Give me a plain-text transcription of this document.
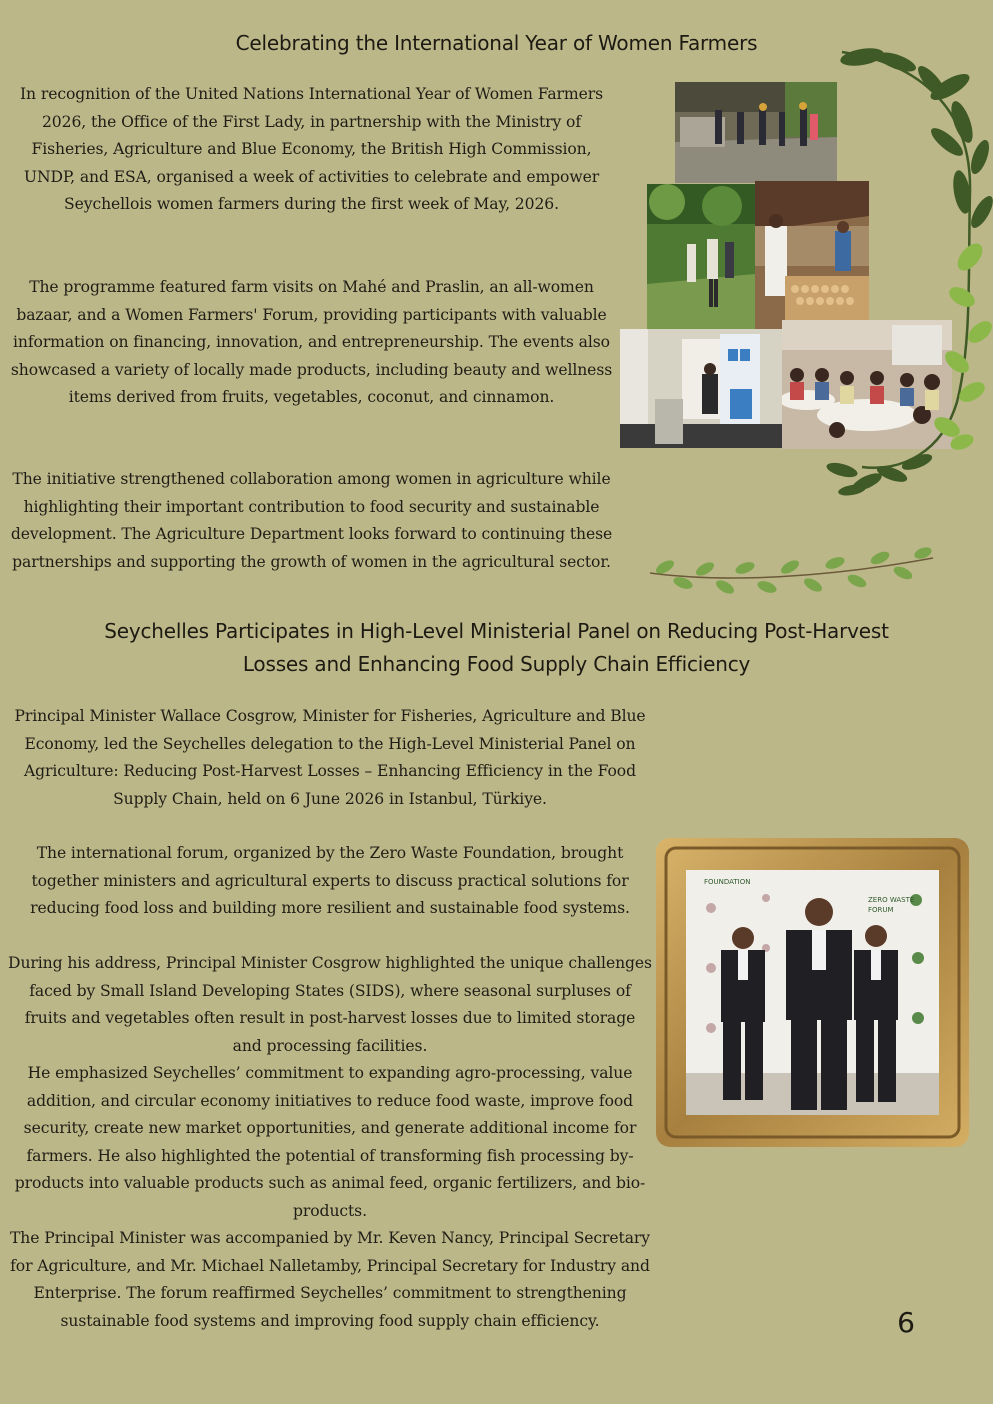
Celebrating the International Year of Women Farmers

In recognition of the United Nations International Year of Women Farmers 2026, the Office of the First Lady, in partnership with the Ministry of Fisheries, Agriculture and Blue Economy, the British High Commission, UNDP, and ESA, organised a week of activities to celebrate and empower Seychellois women farmers during the first week of May, 2026.

The programme featured farm visits on Mahé and Praslin, an all-women bazaar, and a Women Farmers' Forum, providing participants with valuable information on financing, innovation, and entrepreneurship. The events also showcased a variety of locally made products, including beauty and wellness items derived from fruits, vegetables, coconut, and cinnamon.

The initiative strengthened collaboration among women in agriculture while highlighting their important contribution to food security and sustainable development. The Agriculture Department looks forward to continuing these partnerships and supporting the growth of women in the agricultural sector.

Seychelles Participates in High-Level Ministerial Panel on Reducing Post-Harvest
Losses and Enhancing Food Supply Chain Efficiency

Principal Minister Wallace Cosgrow, Minister for Fisheries, Agriculture and Blue Economy, led the Seychelles delegation to the High-Level Ministerial Panel on Agriculture: Reducing Post-Harvest Losses – Enhancing Efficiency in the Food Supply Chain, held on 6 June 2026 in Istanbul, Türkiye.

The international forum, organized by the Zero Waste Foundation, brought together ministers and agricultural experts to discuss practical solutions for reducing food loss and building more resilient and sustainable food systems.

During his address, Principal Minister Cosgrow highlighted the unique challenges faced by Small Island Developing States (SIDS), where seasonal surpluses of fruits and vegetables often result in post-harvest losses due to limited storage and processing facilities.

He emphasized Seychelles’ commitment to expanding agro-processing, value addition, and circular economy initiatives to reduce food waste, improve food security, create new market opportunities, and generate additional income for farmers. He also highlighted the potential of transforming fish processing by-products into valuable products such as animal feed, organic fertilizers, and bio-products.

The Principal Minister was accompanied by Mr. Keven Nancy, Principal Secretary for Agriculture, and Mr. Michael Nalletamby, Principal Secretary for Industry and Enterprise. The forum reaffirmed Seychelles’ commitment to strengthening sustainable food systems and improving food supply chain efficiency.

FOUNDATION
ZERO WASTE
FORUM
6
